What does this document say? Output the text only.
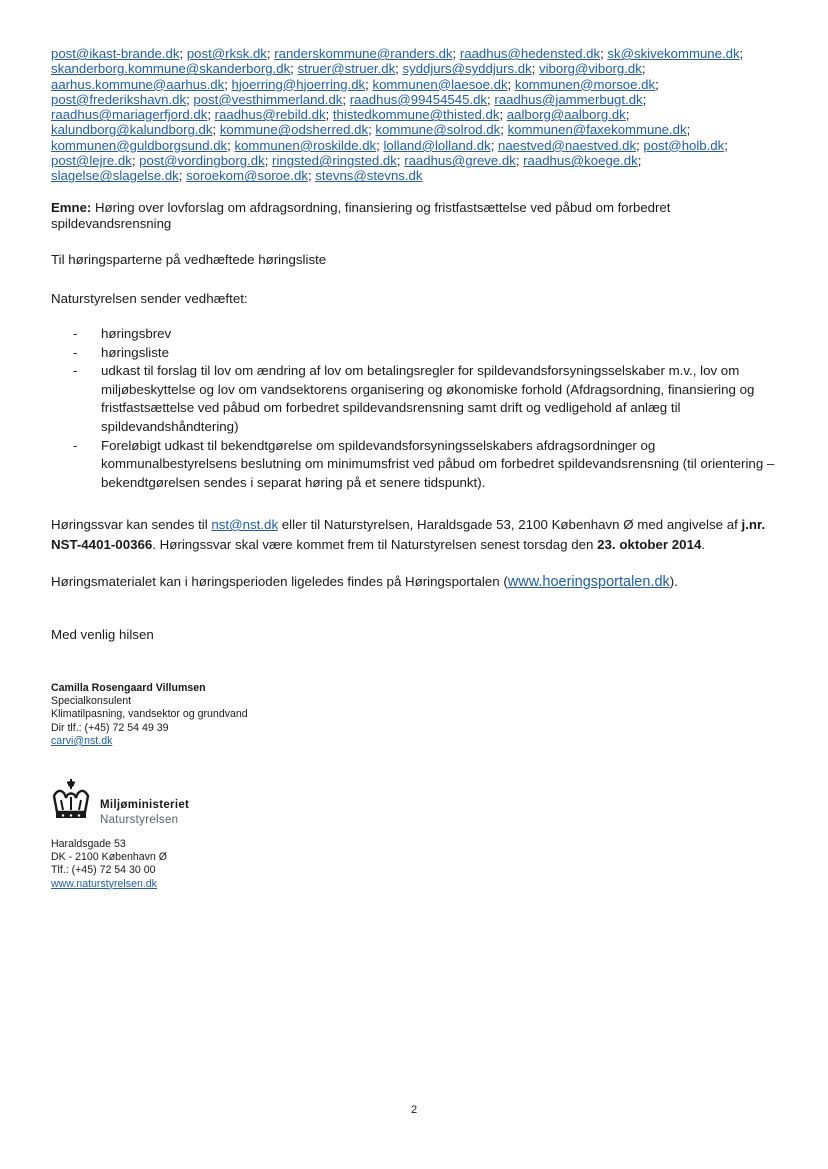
post@ikast-brande.dk; post@rksk.dk; randerskommune@randers.dk; raadhus@hedensted.dk; sk@skivekommune.dk;
skanderborg.kommune@skanderborg.dk; struer@struer.dk; syddjurs@syddjurs.dk; viborg@viborg.dk;
aarhus.kommune@aarhus.dk; hjoerring@hjoerring.dk; kommunen@laesoe.dk; kommunen@morsoe.dk;
post@frederikshavn.dk; post@vesthimmerland.dk; raadhus@99454545.dk; raadhus@jammerbugt.dk;
raadhus@mariagerfjord.dk; raadhus@rebild.dk; thistedkommune@thisted.dk; aalborg@aalborg.dk;
kalundborg@kalundborg.dk; kommune@odsherred.dk; kommune@solrod.dk; kommunen@faxekommune.dk;
kommunen@guldborgsund.dk; kommunen@roskilde.dk; lolland@lolland.dk; naestved@naestved.dk; post@holb.dk;
post@lejre.dk; post@vordingborg.dk; ringsted@ringsted.dk; raadhus@greve.dk; raadhus@koege.dk;
slagelse@slagelse.dk; soroekom@soroe.dk; stevns@stevns.dk
Emne: Høring over lovforslag om afdragsordning, finansiering og fristfastsættelse ved påbud om forbedret spildevandsrensning
Til høringsparterne på vedhæftede høringsliste
Naturstyrelsen sender vedhæftet:
- høringsbrev
- høringsliste
- udkast til forslag til lov om ændring af lov om betalingsregler for spildevandsforsyningsselskaber m.v., lov om miljøbeskyttelse og lov om vandsektorens organisering og økonomiske forhold (Afdragsordning, finansiering og fristfastsættelse ved påbud om forbedret spildevandsrensning samt drift og vedligehold af anlæg til spildevandshåndtering)
- Foreløbigt udkast til bekendtgørelse om spildevandsforsyningsselskabers afdragsordninger og kommunalbestyrelsens beslutning om minimumsfrist ved påbud om forbedret spildevandsrensning (til orientering – bekendtgørelsen sendes i separat høring på et senere tidspunkt).
Høringssvar kan sendes til nst@nst.dk eller til Naturstyrelsen, Haraldsgade 53, 2100 København Ø med angivelse af j.nr. NST-4401-00366. Høringssvar skal være kommet frem til Naturstyrelsen senest torsdag den 23. oktober 2014.
Høringsmaterialet kan i høringsperioden ligeledes findes på Høringsportalen (www.hoeringsportalen.dk).
Med venlig hilsen
Camilla Rosengaard Villumsen
Specialkonsulent
Klimatilpasning, vandsektor og grundvand
Dir tlf.: (+45) 72 54 49 39
carvi@nst.dk
Miljøministeriet
Naturstyrelsen
Haraldsgade 53
DK - 2100 København Ø
Tlf.: (+45) 72 54 30 00
www.naturstyrelsen.dk
2
